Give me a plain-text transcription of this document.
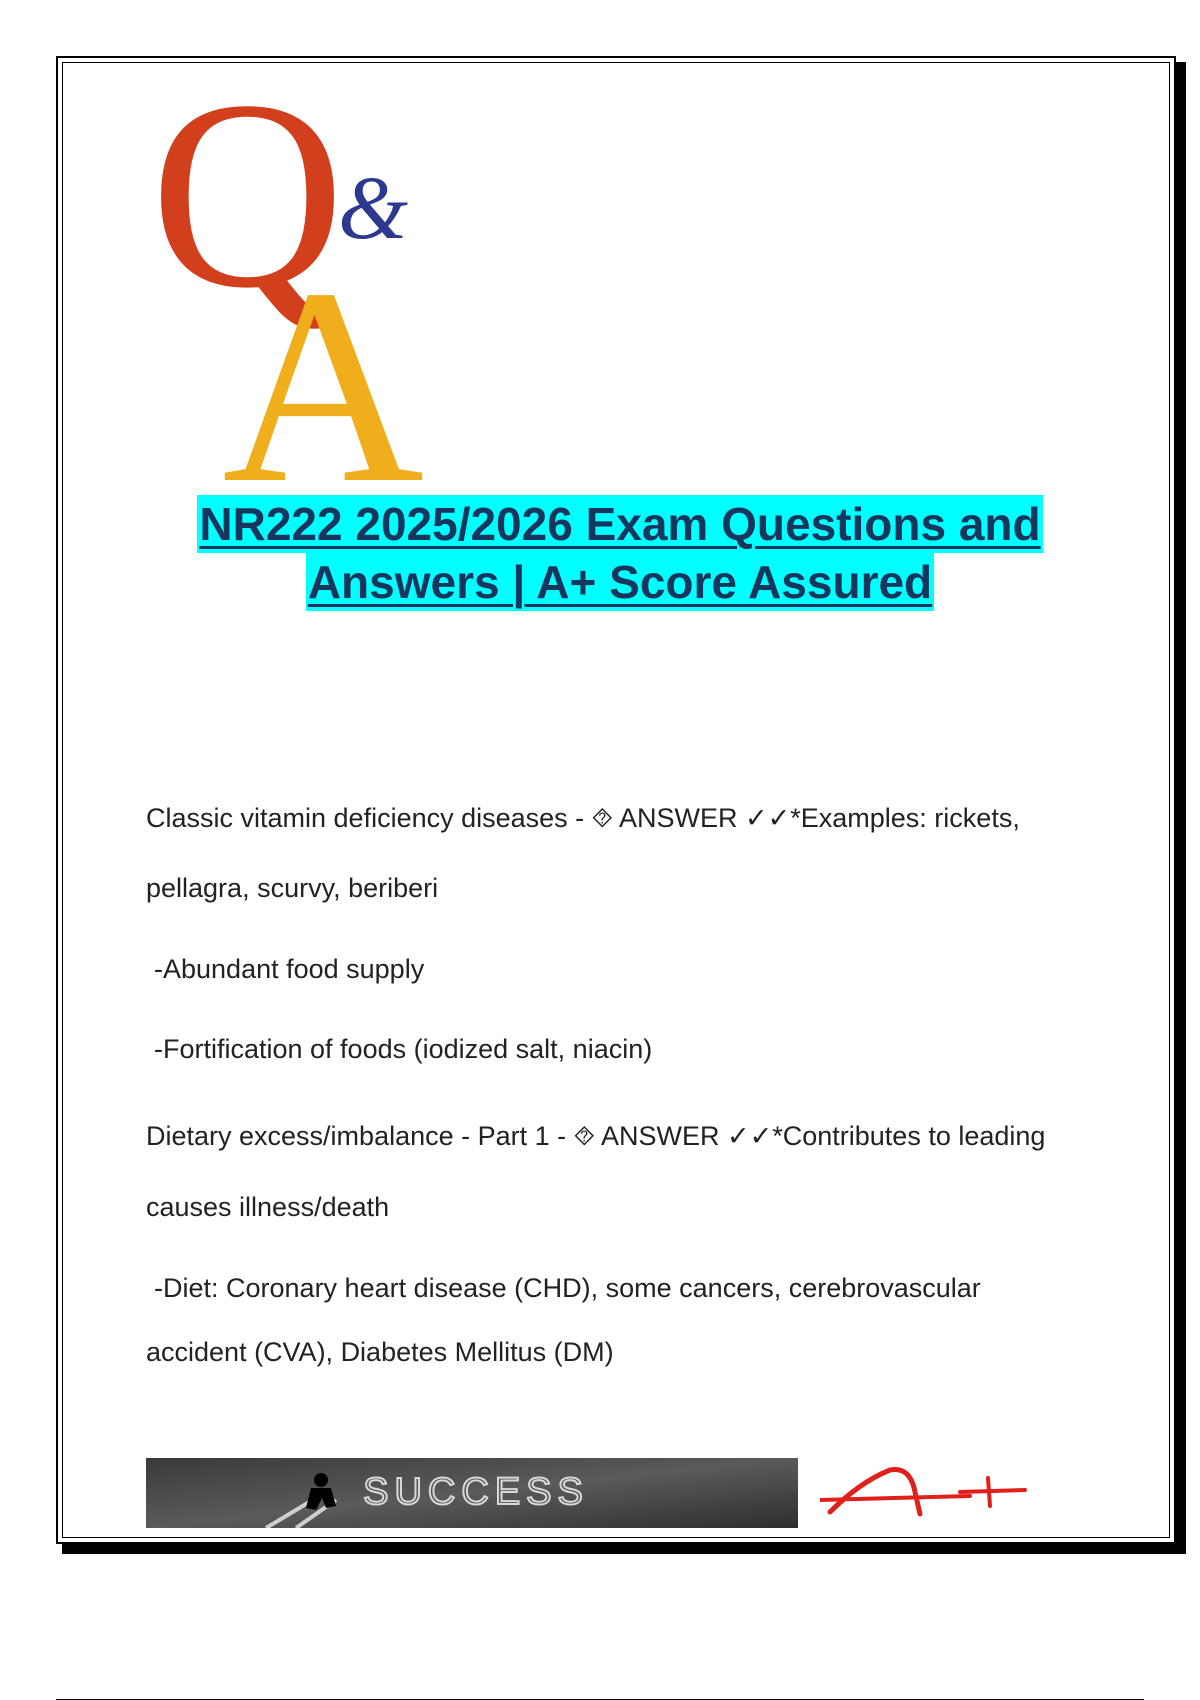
Q
&
A
NR222 2025/2026 Exam Questions and
Answers | A+ Score Assured
Classic vitamin deficiency diseases - ⯑ ANSWER ✓✓*Examples: rickets,
pellagra, scurvy, beriberi
-Abundant food supply
-Fortification of foods (iodized salt, niacin)
Dietary excess/imbalance - Part 1 - ⯑ ANSWER ✓✓*Contributes to leading
causes illness/death
-Diet: Coronary heart disease (CHD), some cancers, cerebrovascular
accident (CVA), Diabetes Mellitus (DM)
SUCCESS
